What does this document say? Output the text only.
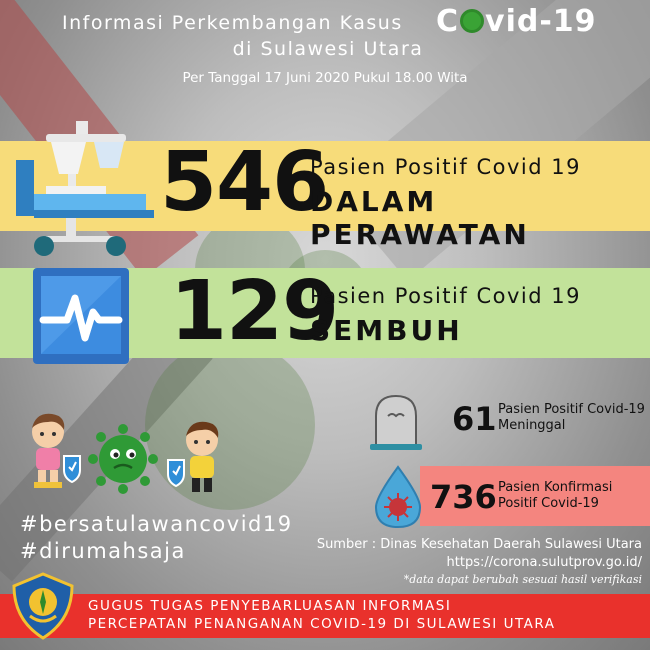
Informasi Perkembangan Kasus C vid-19
di Sulawesi Utara
Per Tanggal 17 Juni 2020 Pukul 18.00 Wita
546
Pasien Positif Covid 19
DALAM PERAWATAN
129
Pasien Positif Covid 19
SEMBUH
61 Pasien Positif Covid-19
Meninggal
736 Pasien Konfirmasi
Positif Covid-19
#bersatulawancovid19
#dirumahsaja	Sumber : Dinas Kesehatan Daerah Sulawesi Utara
https://corona.sulutprov.go.id/
*data dapat berubah sesuai hasil verifikasi
GUGUS TUGAS PENYEBARLUASAN INFORMASI
PERCEPATAN PENANGANAN COVID-19 DI SULAWESI UTARA
